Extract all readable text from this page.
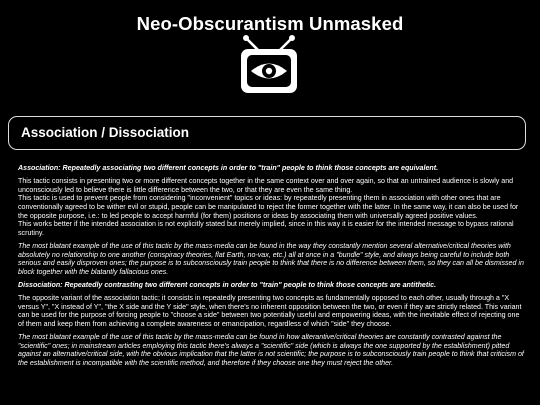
Neo-Obscurantism Unmasked
Association / Dissociation

Association: Repeatedly associating two different concepts in order to "train" people to think those concepts are equivalent.

This tactic consists in presenting two or more different concepts together in the same context over and over again, so that an untrained audience is slowly and unconsciously led to believe there is little difference between the two, or that they are even the same thing.

This tactic is used to prevent people from considering "inconvenient" topics or ideas: by repeatedly presenting them in association with other ones that are conventionally agreed to be wither evil or stupid, people can be manipulated to reject the former together with the latter. In the same way, it can also be used for the opposite purpose, i.e.: to led people to accept harmful (for them) positions or ideas by associating them with universally agreed positive values.

This works better if the intended association is not explicitly stated but merely implied, since in this way it is easier for the intended message to bypass rational scrutiny.

The most blatant example of the use of this tactic by the mass-media can be found in the way they constantly mention several alternative/critical theories with absolutely no relationship to one another (conspiracy theories, flat Earth, no-vax, etc.) all at once in a "bundle" style, and always being careful to include both serious and easily disproven ones; the purpose is to subconsciously train people to think that there is no difference between them, so they can all be dismissed in block together with the blatantly fallacious ones.

Dissociation: Repeatedly contrasting two different concepts in order to "train" people to think those concepts are antithetic.

The opposite variant of the association tactic; it consists in repeatedly presenting two concepts as fundamentally opposed to each other, usually through a "X versus Y", "X instead of Y", "the X side and the Y side" style, when there's no inherent opposition between the two, or even if they are strictly related. This variant can be used for the purpose of forcing people to "choose a side" between two potentially useful and empowering ideas, with the inevitable effect of rejecting one of them and keep them from achieving a complete awareness or emancipation, regardless of which "side" they choose.

The most blatant example of the use of this tactic by the mass-media can be found in how alterantive/critical theories are constantly contrasted against the "scientific" ones; in mainstream articles employing this tactic there's always a "scientific" side (which is always the one supported by the establishment) pitted against an alternative/critical side, with the obvious implication that the latter is not scientific; the purpose is to subconsciously train people to think that criticism of the establishment is incompatible with the scientific method, and therefore if they choose one they must reject the other.
